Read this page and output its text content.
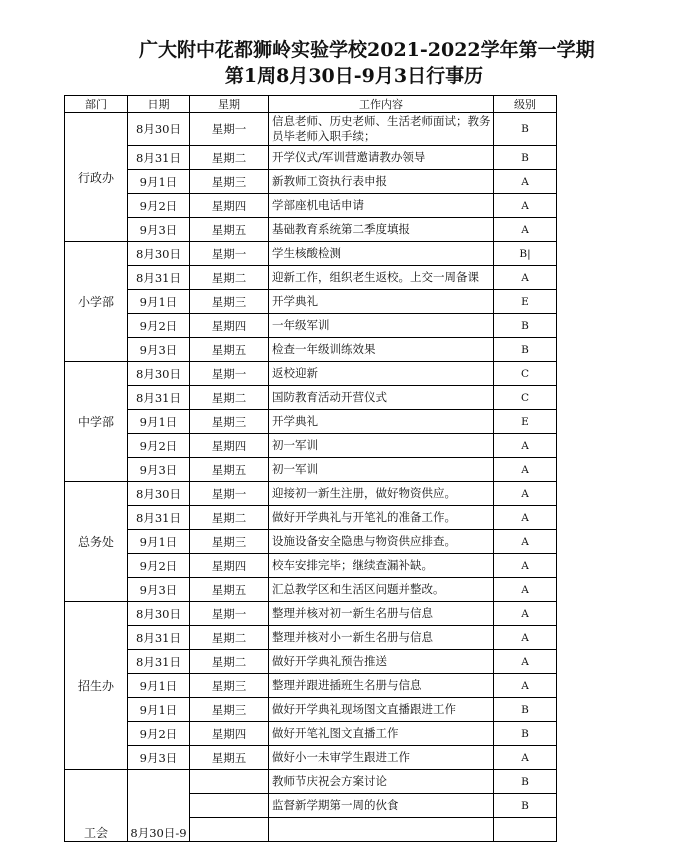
广大附中花都狮岭实验学校2021-2022学年第一学期
第1周8月30日-9月3日行事历
部门	日期	星期	工作内容	级别
行政办	8月30日	星期一	信息老师、历史老师、生活老师面试；教务员毕老师入职手续；	B
	8月31日	星期二	开学仪式/军训营邀请教办领导	B
	9月1日	星期三	新教师工资执行表申报	A
	9月2日	星期四	学部座机电话申请	A
	9月3日	星期五	基础教育系统第二季度填报	A
小学部	8月30日	星期一	学生核酸检测	B|
	8月31日	星期二	迎新工作，组织老生返校。上交一周备课	A
	9月1日	星期三	开学典礼	E
	9月2日	星期四	一年级军训	B
	9月3日	星期五	检查一年级训练效果	B
中学部	8月30日	星期一	返校迎新	C
	8月31日	星期二	国防教育活动开营仪式	C
	9月1日	星期三	开学典礼	E
	9月2日	星期四	初一军训	A
	9月3日	星期五	初一军训	A
总务处	8月30日	星期一	迎接初一新生注册，做好物资供应。	A
	8月31日	星期二	做好开学典礼与开笔礼的准备工作。	A
	9月1日	星期三	设施设备安全隐患与物资供应排查。	A
	9月2日	星期四	校车安排完毕；继续查漏补缺。	A
	9月3日	星期五	汇总教学区和生活区问题并整改。	A
招生办	8月30日	星期一	整理并核对初一新生名册与信息	A
	8月31日	星期二	整理并核对小一新生名册与信息	A
	8月31日	星期二	做好开学典礼预告推送	A
	9月1日	星期三	整理并跟进插班生名册与信息	A
	9月1日	星期三	做好开学典礼现场图文直播跟进工作	B
	9月2日	星期四	做好开笔礼图文直播工作	B
	9月3日	星期五	做好小一未审学生跟进工作	A
工会	8月30日-9		教师节庆祝会方案讨论	B
			监督新学期第一周的伙食	B
